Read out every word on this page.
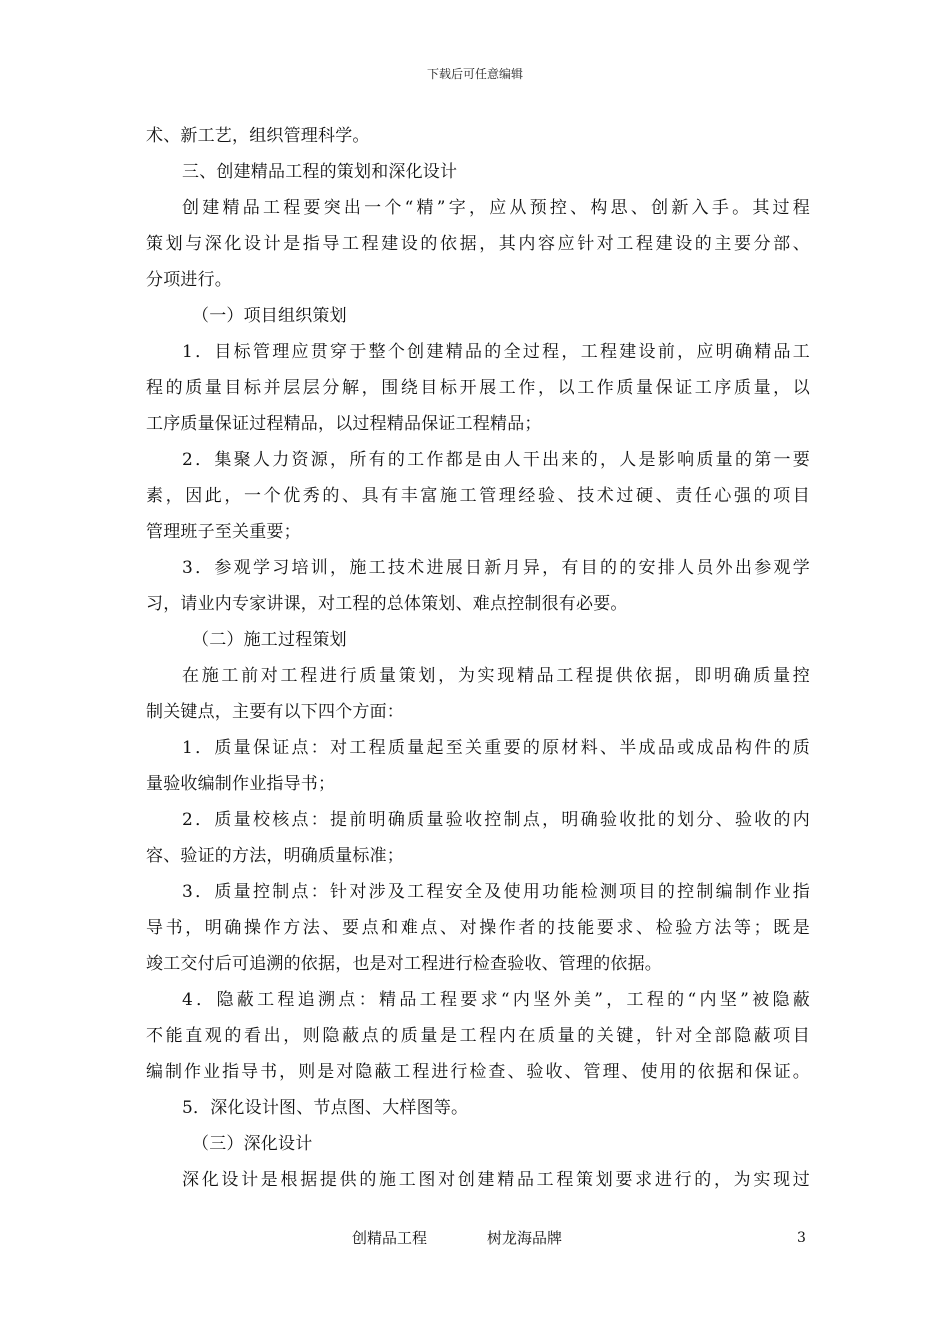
下载后可任意编辑
术、新工艺，组织管理科学。
三、创建精品工程的策划和深化设计
创建精品工程要突出一个“精”字，应从预控、构思、创新入手。其过程
策划与深化设计是指导工程建设的依据，其内容应针对工程建设的主要分部、
分项进行。
（一）项目组织策划
1．目标管理应贯穿于整个创建精品的全过程，工程建设前，应明确精品工
程的质量目标并层层分解，围绕目标开展工作，以工作质量保证工序质量，以
工序质量保证过程精品，以过程精品保证工程精品；
2．集聚人力资源，所有的工作都是由人干出来的，人是影响质量的第一要
素，因此，一个优秀的、具有丰富施工管理经验、技术过硬、责任心强的项目
管理班子至关重要；
3．参观学习培训，施工技术进展日新月异，有目的的安排人员外出参观学
习，请业内专家讲课，对工程的总体策划、难点控制很有必要。
（二）施工过程策划
在施工前对工程进行质量策划，为实现精品工程提供依据，即明确质量控
制关键点，主要有以下四个方面：
1．质量保证点：对工程质量起至关重要的原材料、半成品或成品构件的质
量验收编制作业指导书；
2．质量校核点：提前明确质量验收控制点，明确验收批的划分、验收的内
容、验证的方法，明确质量标准；
3．质量控制点：针对涉及工程安全及使用功能检测项目的控制编制作业指
导书，明确操作方法、要点和难点、对操作者的技能要求、检验方法等；既是
竣工交付后可追溯的依据，也是对工程进行检查验收、管理的依据。
4．隐蔽工程追溯点：精品工程要求“内坚外美”，工程的“内坚”被隐蔽
不能直观的看出，则隐蔽点的质量是工程内在质量的关键，针对全部隐蔽项目
编制作业指导书，则是对隐蔽工程进行检查、验收、管理、使用的依据和保证。
5．深化设计图、节点图、大样图等。
（三）深化设计
深化设计是根据提供的施工图对创建精品工程策划要求进行的，为实现过
创精品工程	树龙海品牌	3
